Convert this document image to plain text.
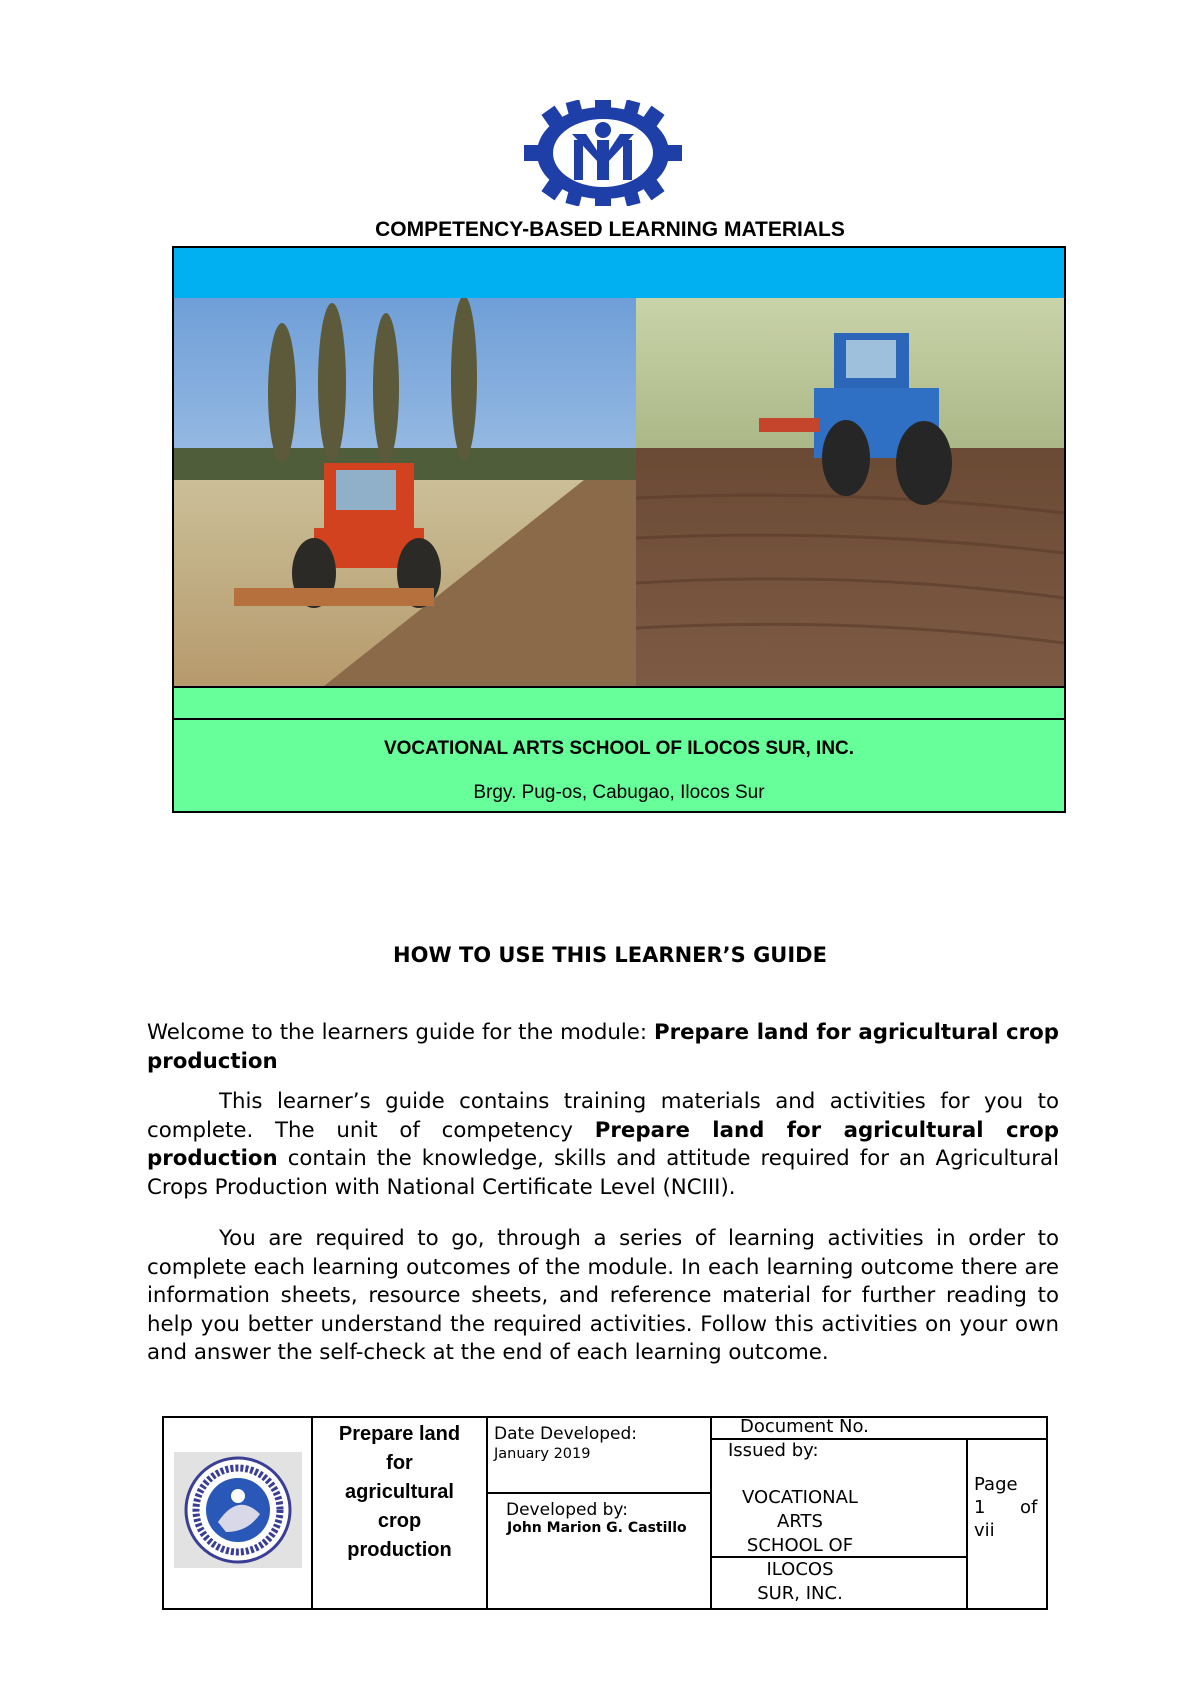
COMPETENCY-BASED LEARNING MATERIALS
VOCATIONAL ARTS SCHOOL OF ILOCOS SUR, INC.
Brgy. Pug-os, Cabugao, Ilocos Sur
HOW TO USE THIS LEARNER’S GUIDE
Welcome to the learners guide for the module: Prepare land for agricultural crop production
This learner’s guide contains training materials and activities for you to complete. The unit of competency Prepare land for agricultural crop production contain the knowledge, skills and attitude required for an Agricultural Crops Production with National Certificate Level (NCIII).
You are required to go, through a series of learning activities in order to complete each learning outcomes of the module. In each learning outcome there are information sheets, resource sheets, and reference material for further reading to help you better understand the required activities. Follow this activities on your own and answer the self-check at the end of each learning outcome.
Prepare land
for
agricultural
crop
production
Date Developed:
January 2019
Developed by:
John Marion G. Castillo
Document No.
Issued by:
VOCATIONAL ARTS
SCHOOL OF ILOCOS
SUR, INC.
Page
1 of
vii
